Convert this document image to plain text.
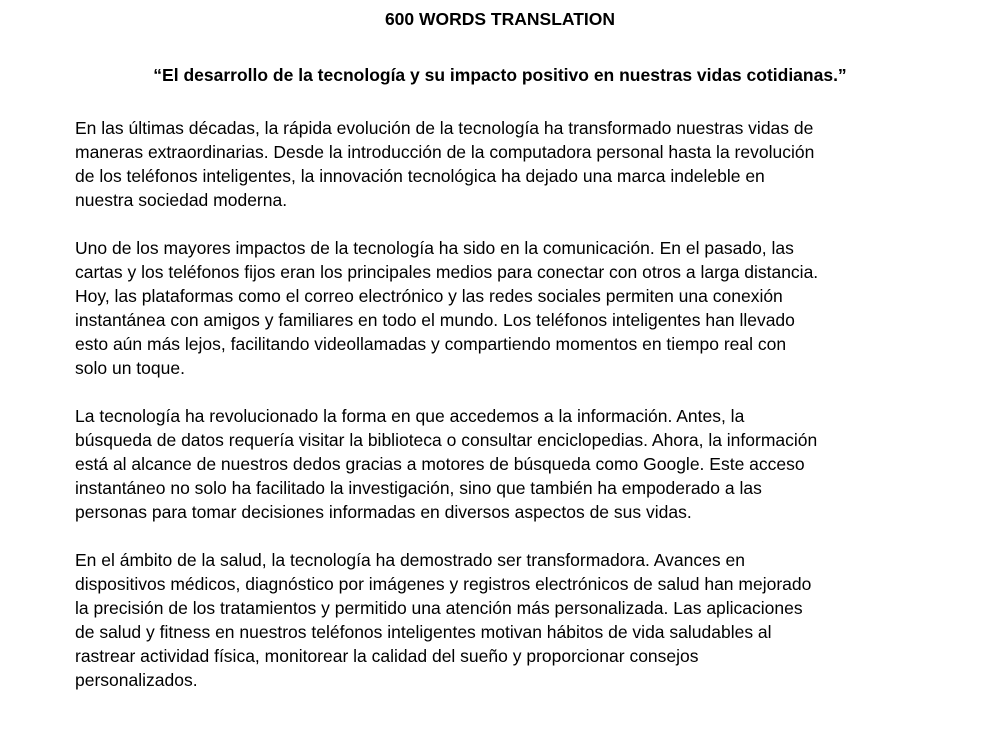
600 WORDS TRANSLATION
“El desarrollo de la tecnología y su impacto positivo en nuestras vidas cotidianas.”

En las últimas décadas, la rápida evolución de la tecnología ha transformado nuestras vidas de
maneras extraordinarias. Desde la introducción de la computadora personal hasta la revolución
de los teléfonos inteligentes, la innovación tecnológica ha dejado una marca indeleble en
nuestra sociedad moderna.

Uno de los mayores impactos de la tecnología ha sido en la comunicación. En el pasado, las
cartas y los teléfonos fijos eran los principales medios para conectar con otros a larga distancia.
Hoy, las plataformas como el correo electrónico y las redes sociales permiten una conexión
instantánea con amigos y familiares en todo el mundo. Los teléfonos inteligentes han llevado
esto aún más lejos, facilitando videollamadas y compartiendo momentos en tiempo real con
solo un toque.

La tecnología ha revolucionado la forma en que accedemos a la información. Antes, la
búsqueda de datos requería visitar la biblioteca o consultar enciclopedias. Ahora, la información
está al alcance de nuestros dedos gracias a motores de búsqueda como Google. Este acceso
instantáneo no solo ha facilitado la investigación, sino que también ha empoderado a las
personas para tomar decisiones informadas en diversos aspectos de sus vidas.

En el ámbito de la salud, la tecnología ha demostrado ser transformadora. Avances en
dispositivos médicos, diagnóstico por imágenes y registros electrónicos de salud han mejorado
la precisión de los tratamientos y permitido una atención más personalizada. Las aplicaciones
de salud y fitness en nuestros teléfonos inteligentes motivan hábitos de vida saludables al
rastrear actividad física, monitorear la calidad del sueño y proporcionar consejos
personalizados.
